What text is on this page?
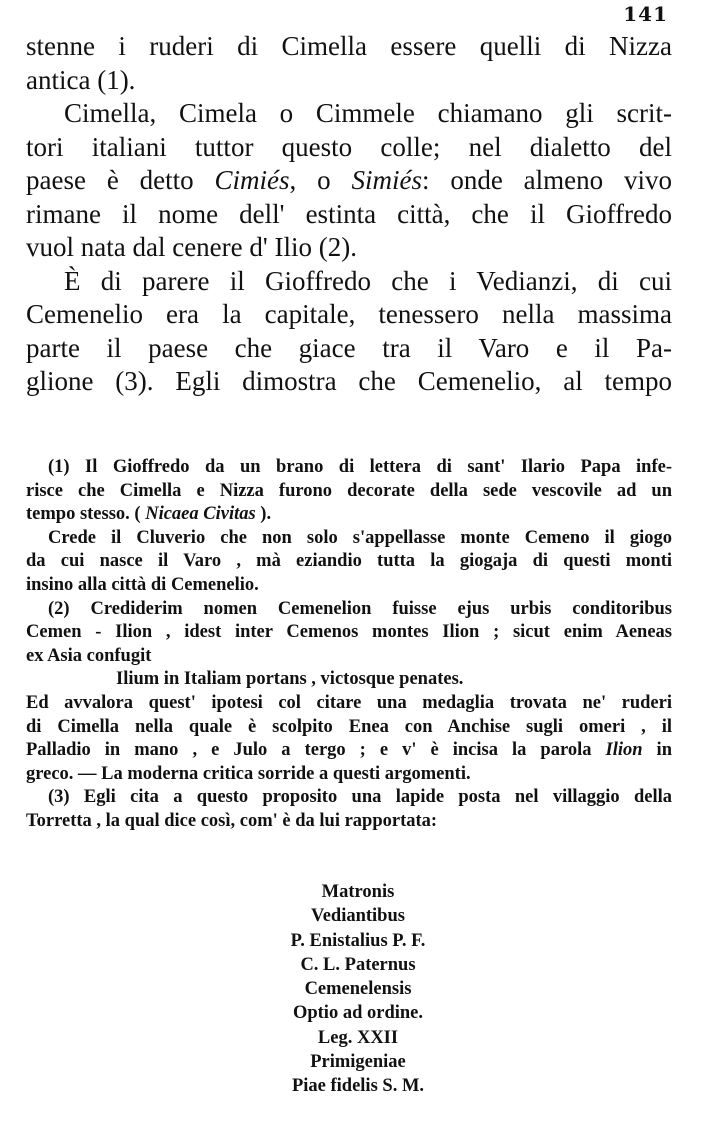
141
stenne i ruderi di Cimella essere quelli di Nizza
antica (1).
Cimella, Cimela o Cimmele chiamano gli scrit-
tori italiani tuttor questo colle; nel dialetto del
paese è detto Cimiés, o Simiés: onde almeno vivo
rimane il nome dell' estinta città, che il Gioffredo
vuol nata dal cenere d' Ilio (2).
È di parere il Gioffredo che i Vedianzi, di cui
Cemenelio era la capitale, tenessero nella massima
parte il paese che giace tra il Varo e il Pa-
glione (3). Egli dimostra che Cemenelio, al tempo
(1) Il Gioffredo da un brano di lettera di sant' Ilario Papa infe-
risce che Cimella e Nizza furono decorate della sede vescovile ad un
tempo stesso. ( Nicaea Civitas ).
Crede il Cluverio che non solo s'appellasse monte Cemeno il giogo
da cui nasce il Varo , mà eziandio tutta la giogaja di questi monti
insino alla città di Cemenelio.
(2) Crediderim nomen Cemenelion fuisse ejus urbis conditoribus
Cemen - Ilion , idest inter Cemenos montes Ilion ; sicut enim Aeneas
ex Asia confugit
Ilium in Italiam portans , victosque penates.
Ed avvalora quest' ipotesi col citare una medaglia trovata ne' ruderi
di Cimella nella quale è scolpito Enea con Anchise sugli omeri , il
Palladio in mano , e Julo a tergo ; e v' è incisa la parola Ilion in
greco. — La moderna critica sorride a questi argomenti.
(3) Egli cita a questo proposito una lapide posta nel villaggio della
Torretta , la qual dice così, com' è da lui rapportata:
Matronis
Vediantibus
P. Enistalius P. F.
C. L. Paternus
Cemenelensis
Optio ad ordine.
Leg. XXII
Primigeniae
Piae fidelis S. M.
